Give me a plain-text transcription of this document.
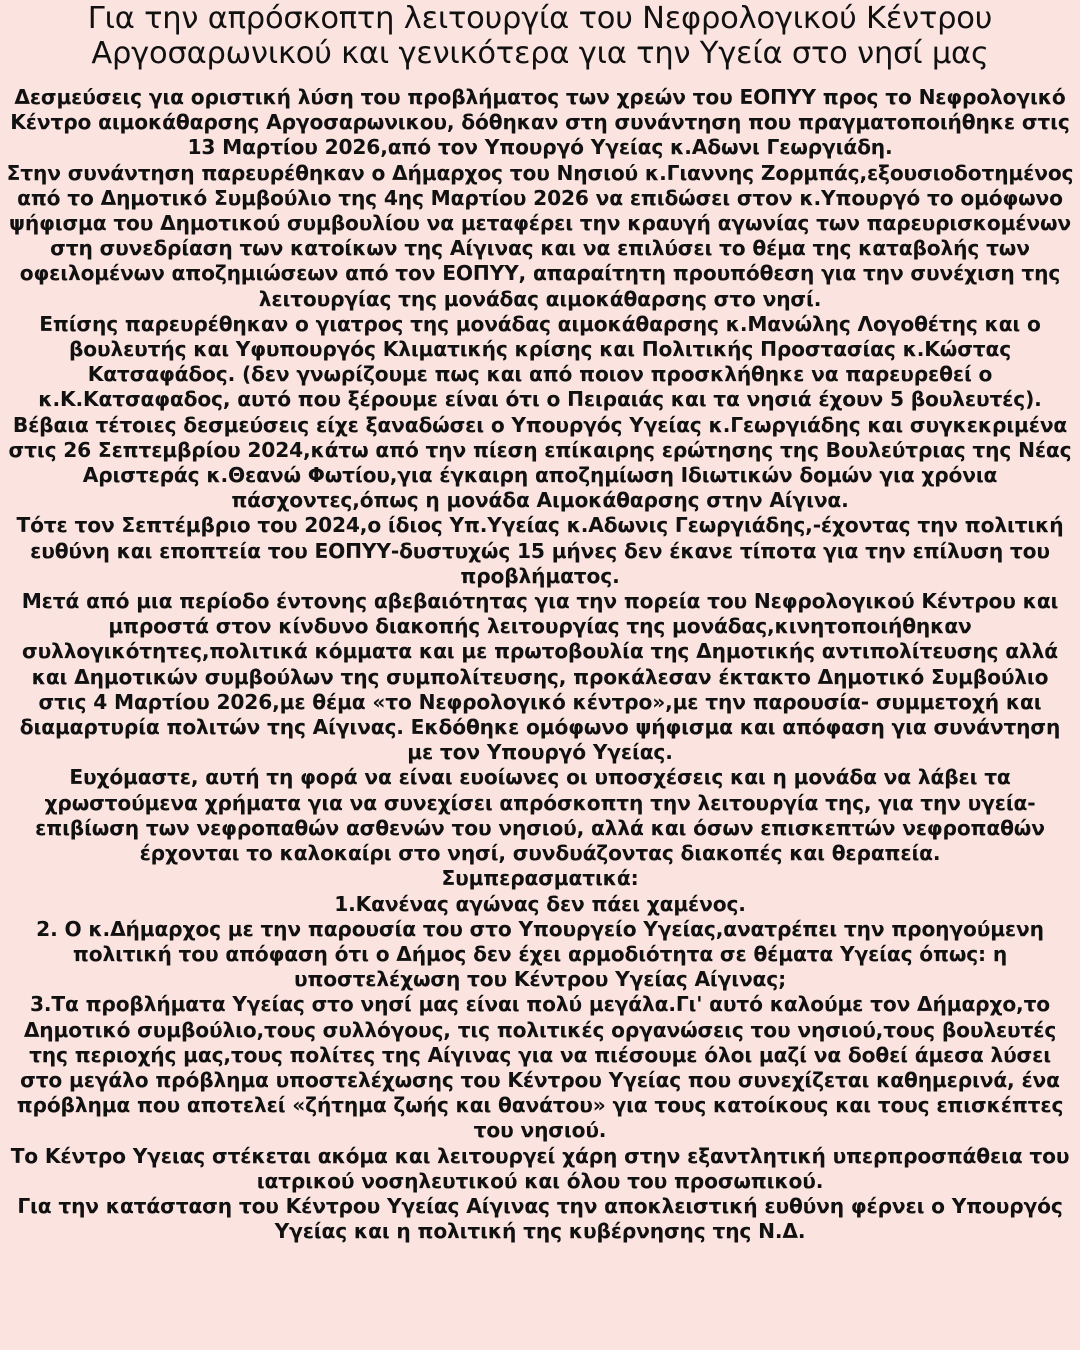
Για την απρόσκοπτη λειτουργία του Νεφρολογικού Κέντρου Αργοσαρωνικού και γενικότερα για την Υγεία στο νησί μας

Δεσμεύσεις για οριστική λύση του προβλήματος των χρεών του ΕΟΠΥΥ προς το Νεφρολογικό Κέντρο αιμοκάθαρσης Αργοσαρωνικου, δόθηκαν στη συνάντηση που πραγματοποιήθηκε στις 13 Μαρτίου 2026,από τον Υπουργό Υγείας κ.Αδωνι Γεωργιάδη.

Στην συνάντηση παρευρέθηκαν ο Δήμαρχος του Νησιού κ.Γιαννης Ζορμπάς,εξουσιοδοτημένος από το Δημοτικό Συμβούλιο της 4ης Μαρτίου 2026 να επιδώσει στον κ.Υπουργό το ομόφωνο ψήφισμα του Δημοτικού συμβουλίου να μεταφέρει την κραυγή αγωνίας των παρευρισκομένων στη συνεδρίαση των κατοίκων της Αίγινας και να επιλύσει το θέμα της καταβολής των οφειλομένων αποζημιώσεων από τον ΕΟΠΥΥ, απαραίτητη προυπόθεση για την συνέχιση της λειτουργίας της μονάδας αιμοκάθαρσης στο νησί.

Επίσης παρευρέθηκαν ο γιατρος της μονάδας αιμοκάθαρσης κ.Μανώλης Λογοθέτης και ο βουλευτής και Υφυπουργός Κλιματικής κρίσης και Πολιτικής Προστασίας κ.Κώστας Κατσαφάδος. (δεν γνωρίζουμε πως και από ποιον προσκλήθηκε να παρευρεθεί ο κ.Κ.Κατσαφαδος, αυτό που ξέρουμε είναι ότι ο Πειραιάς και τα νησιά έχουν 5 βουλευτές).

Βέβαια τέτοιες δεσμεύσεις είχε ξαναδώσει ο Υπουργός Υγείας κ.Γεωργιάδης και συγκεκριμένα στις 26 Σεπτεμβρίου 2024,κάτω από την πίεση επίκαιρης ερώτησης της Βουλεύτριας της Νέας Αριστεράς κ.Θεανώ Φωτίου,για έγκαιρη αποζημίωση Ιδιωτικών δομών για χρόνια πάσχοντες,όπως η μονάδα Αιμοκάθαρσης στην Αίγινα.

Τότε τον Σεπτέμβριο του 2024,ο ίδιος Υπ.Υγείας κ.Αδωνις Γεωργιάδης,-έχοντας την πολιτική ευθύνη και εποπτεία του ΕΟΠΥΥ-δυστυχώς 15 μήνες δεν έκανε τίποτα για την επίλυση του προβλήματος.

Μετά από μια περίοδο έντονης αβεβαιότητας για την πορεία του Νεφρολογικού Κέντρου και μπροστά στον κίνδυνο διακοπής λειτουργίας της μονάδας,κινητοποιήθηκαν συλλογικότητες,πολιτικά κόμματα και με πρωτοβουλία της Δημοτικής αντιπολίτευσης αλλά και Δημοτικών συμβούλων της συμπολίτευσης, προκάλεσαν έκτακτο Δημοτικό Συμβούλιο στις 4 Μαρτίου 2026,με θέμα «το Νεφρολογικό κέντρο»,με την παρουσία- συμμετοχή και διαμαρτυρία πολιτών της Αίγινας. Εκδόθηκε ομόφωνο ψήφισμα και απόφαση για συνάντηση με τον Υπουργό Υγείας.

Ευχόμαστε, αυτή τη φορά να είναι ευοίωνες οι υποσχέσεις και η μονάδα να λάβει τα χρωστούμενα χρήματα για να συνεχίσει απρόσκοπτη την λειτουργία της, για την υγεία-επιβίωση των νεφροπαθών ασθενών του νησιού, αλλά και όσων επισκεπτών νεφροπαθών έρχονται το καλοκαίρι στο νησί, συνδυάζοντας διακοπές και θεραπεία.

Συμπερασματικά:

1.Κανένας αγώνας δεν πάει χαμένος.

2. Ο κ.Δήμαρχος με την παρουσία του στο Υπουργείο Υγείας,ανατρέπει την προηγούμενη πολιτική του απόφαση ότι ο Δήμος δεν έχει αρμοδιότητα σε θέματα Υγείας όπως: η υποστελέχωση του Κέντρου Υγείας Αίγινας;

3.Τα προβλήματα Υγείας στο νησί μας είναι πολύ μεγάλα.Γι' αυτό καλούμε τον Δήμαρχο,το Δημοτικό συμβούλιο,τους συλλόγους, τις πολιτικές οργανώσεις του νησιού,τους βουλευτές της περιοχής μας,τους πολίτες της Αίγινας για να πιέσουμε όλοι μαζί να δοθεί άμεσα λύσει στο μεγάλο πρόβλημα υποστελέχωσης του Κέντρου Υγείας που συνεχίζεται καθημερινά, ένα πρόβλημα που αποτελεί «ζήτημα ζωής και θανάτου» για τους κατοίκους και τους επισκέπτες του νησιού.

Το Κέντρο Υγειας στέκεται ακόμα και λειτουργεί χάρη στην εξαντλητική υπερπροσπάθεια του ιατρικού νοσηλευτικού και όλου του προσωπικού.

Για την κατάσταση του Κέντρου Υγείας Αίγινας την αποκλειστική ευθύνη φέρνει ο Υπουργός Υγείας και η πολιτική της κυβέρνησης της Ν.Δ.
